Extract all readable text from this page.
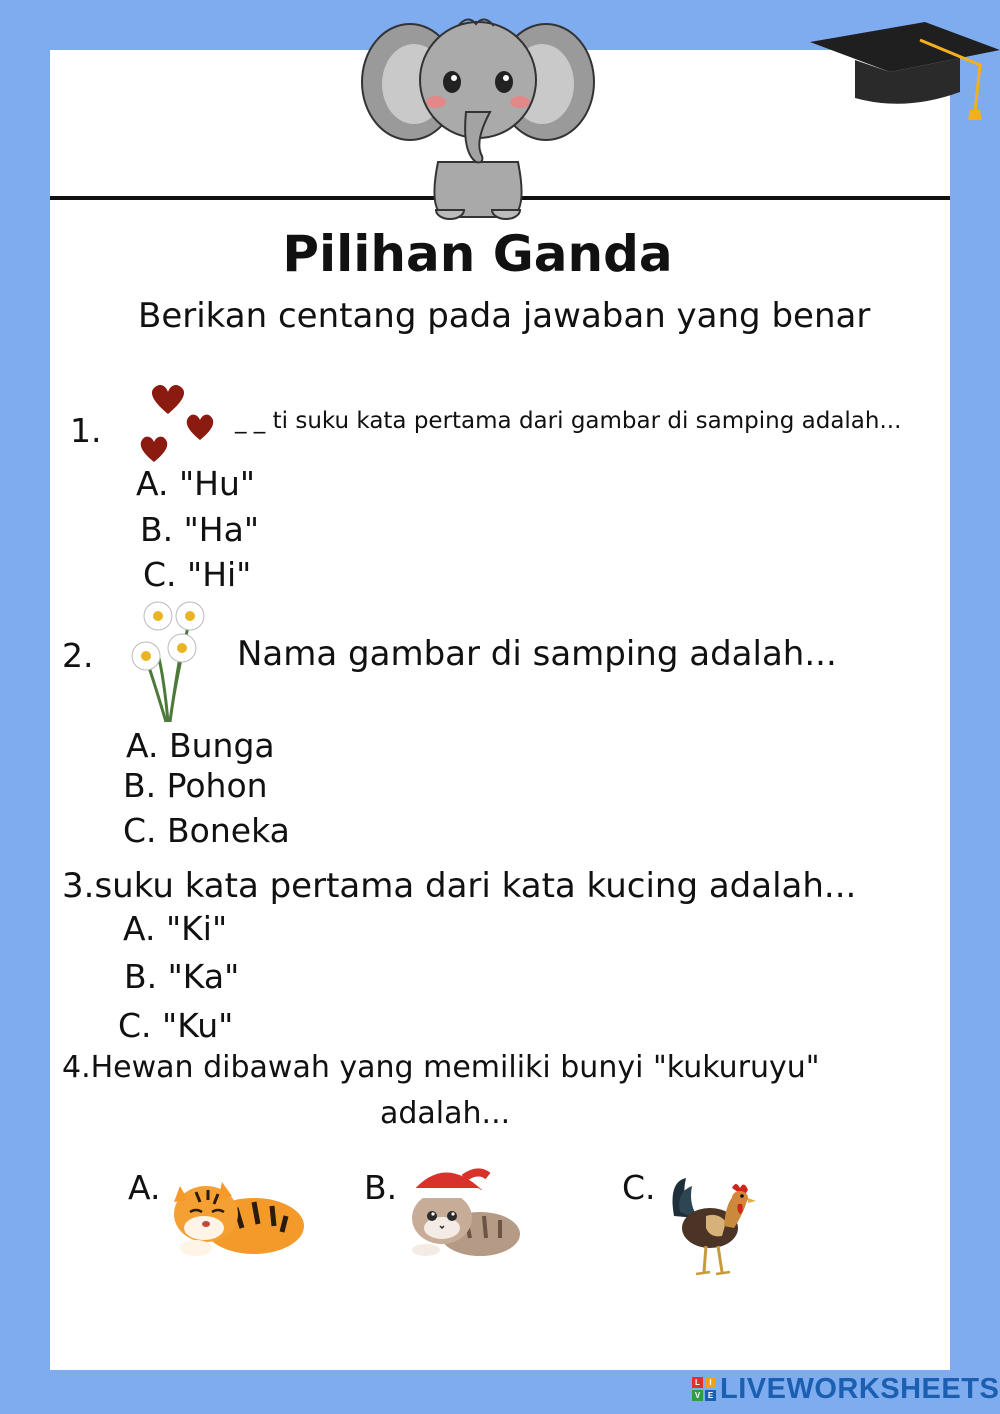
Pilihan Ganda
Berikan centang pada jawaban yang benar
1.	_ _ ti suku kata pertama dari gambar di samping adalah...
A. "Hu"
B. "Ha"
C. "Hi"
2.	Nama gambar di samping adalah...
A. Bunga
B. Pohon
C. Boneka
3.suku kata pertama dari kata kucing adalah...
A. "Ki"
B. "Ka"
C. "Ku"
4.Hewan dibawah yang memiliki bunyi "kukuruyu"
adalah...
A.	B.	C.
L	I
V E LIVEWORKSHEETS
